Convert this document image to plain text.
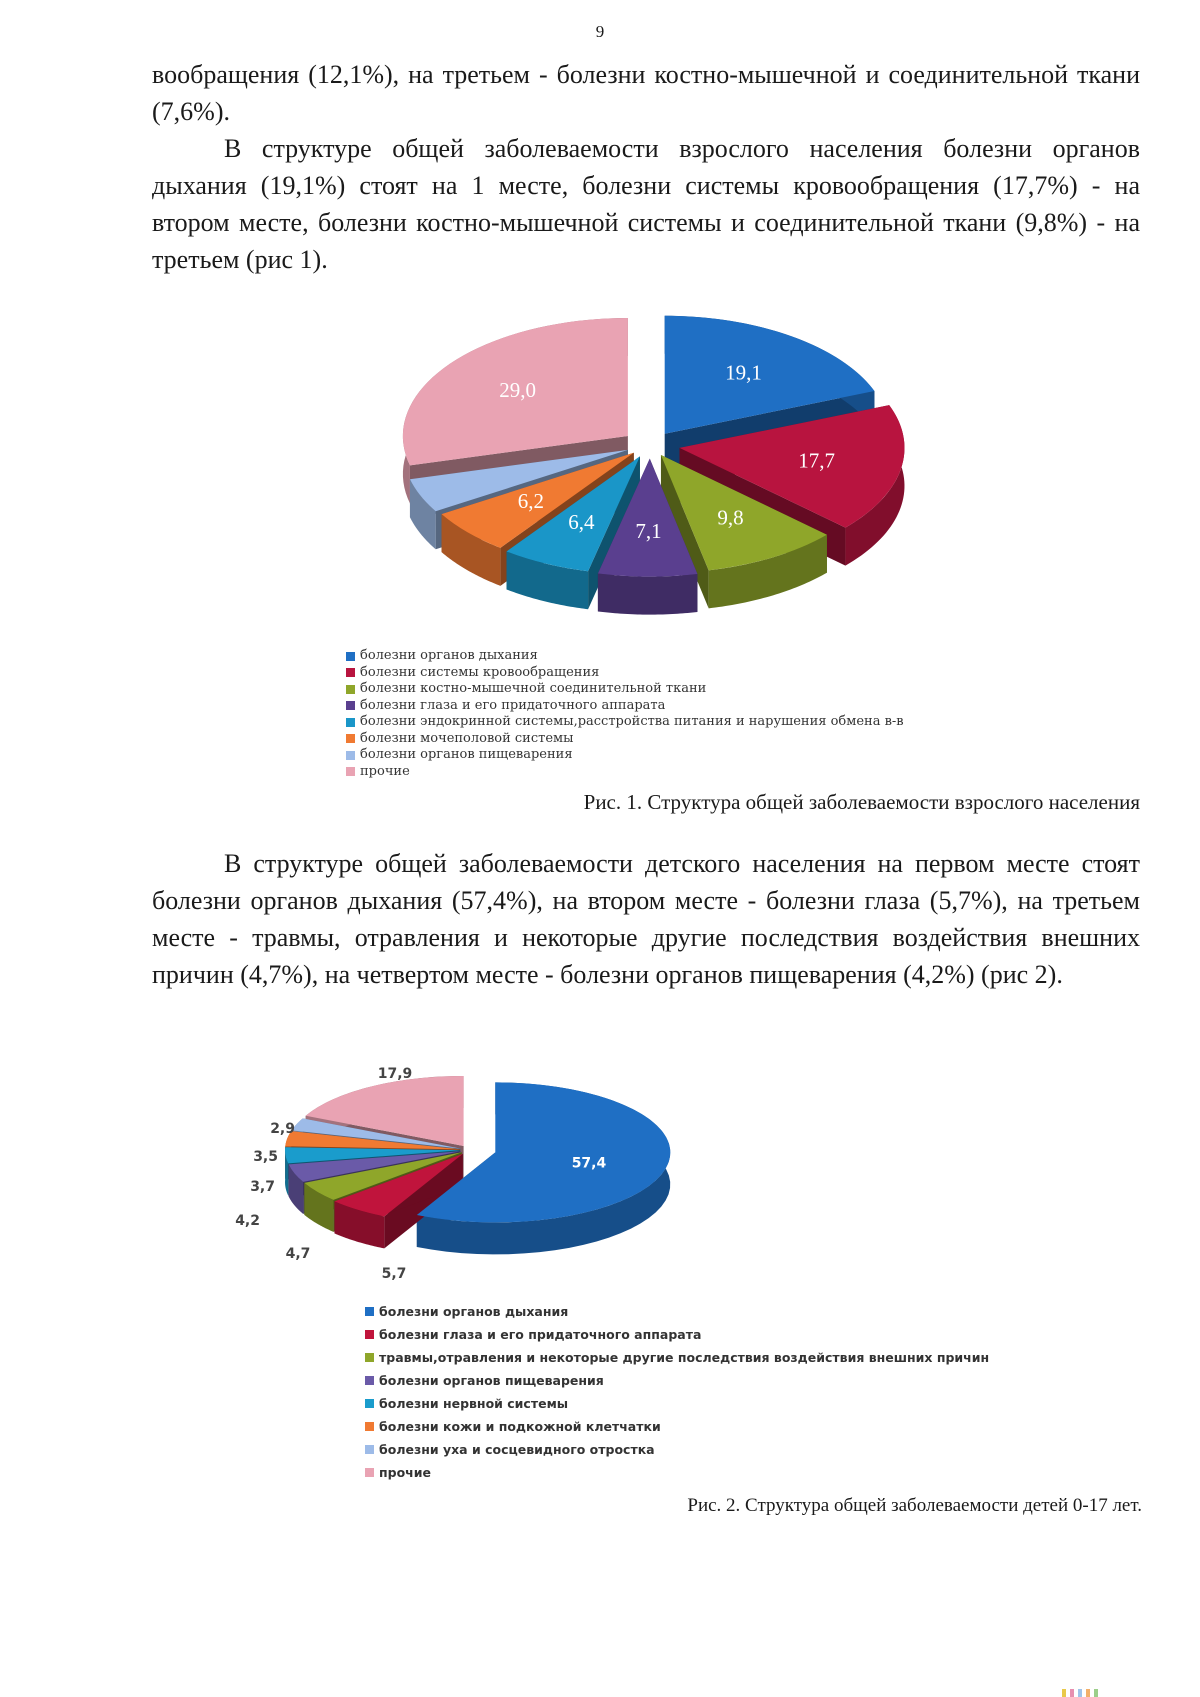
9

вообращения (12,1%), на третьем - болезни костно-мышечной и соединительной ткани (7,6%).

В структуре общей заболеваемости взрослого населения болезни органов дыхания (19,1%) стоят на 1 месте, болезни системы кровообращения (17,7%) - на втором месте, болезни костно-мышечной системы и соединительной ткани (9,8%) - на третьем (рис 1).

19,1
17,7
9,8
7,1
6,4
6,2
29,0
болезни органов дыхания
болезни системы кровообращения
болезни костно-мышечной соединительной ткани
болезни глаза и его придаточного аппарата
болезни эндокринной системы,расстройства питания и нарушения обмена в-в
болезни мочеполовой системы
болезни органов пищеварения
прочие
Рис. 1. Структура общей заболеваемости взрослого населения

В структуре общей заболеваемости детского населения на первом месте стоят болезни органов дыхания (57,4%), на втором месте - болезни глаза (5,7%), на третьем месте - травмы, отравления и некоторые другие последствия воздействия внешних причин (4,7%), на четвертом месте - болезни органов пищеварения (4,2%) (рис 2).

57,4
5,7
4,7
4,2
3,7
3,5
2,9
17,9
болезни органов дыхания
болезни глаза и его придаточного аппарата
травмы,отравления и некоторые другие последствия воздействия внешних причин
болезни органов пищеварения
болезни нервной системы
болезни кожи и подкожной клетчатки
болезни уха и сосцевидного отростка
прочие
Рис. 2. Структура общей заболеваемости детей 0-17 лет.
